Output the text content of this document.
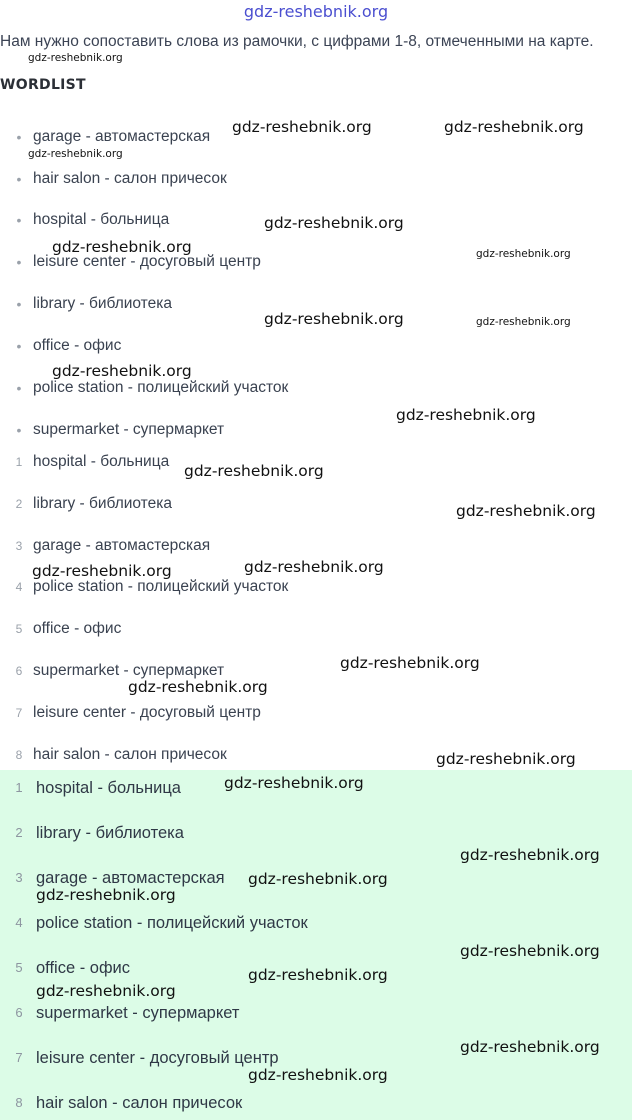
gdz-reshebnik.org
Нам нужно сопоставить слова из рамочки, с цифрами 1-8, отмеченными на карте.
WORDLIST
• garage - автомастерская
• hair salon - салон причесок
• hospital - больница
• leisure center - досуговый центр
• library - библиотека
• office - офис
• police station - полицейский участок
• supermarket - супермаркет
1 hospital - больница
2 library - библиотека
3 garage - автомастерская
4 police station - полицейский участок
5 office - офис
6 supermarket - супермаркет
7 leisure center - досуговый центр
8 hair salon - салон причесок
1 hospital - больница
2 library - библиотека
3 garage - автомастерская
4 police station - полицейский участок
5 office - офис
6 supermarket - супермаркет
7 leisure center - досуговый центр
8 hair salon - салон причесок
gdz-reshebnik.org
gdz-reshebnik.org	gdz-reshebnik.org
gdz-reshebnik.org
gdz-reshebnik.org
gdz-reshebnik.org	gdz-reshebnik.org
gdz-reshebnik.org	gdz-reshebnik.org
gdz-reshebnik.org
gdz-reshebnik.org
gdz-reshebnik.org
gdz-reshebnik.org
gdz-reshebnik.org
gdz-reshebnik.org
gdz-reshebnik.org
gdz-reshebnik.org
gdz-reshebnik.org
gdz-reshebnik.org
gdz-reshebnik.org
gdz-reshebnik.org
gdz-reshebnik.org
gdz-reshebnik.org
gdz-reshebnik.org
gdz-reshebnik.org
gdz-reshebnik.org
gdz-reshebnik.org
